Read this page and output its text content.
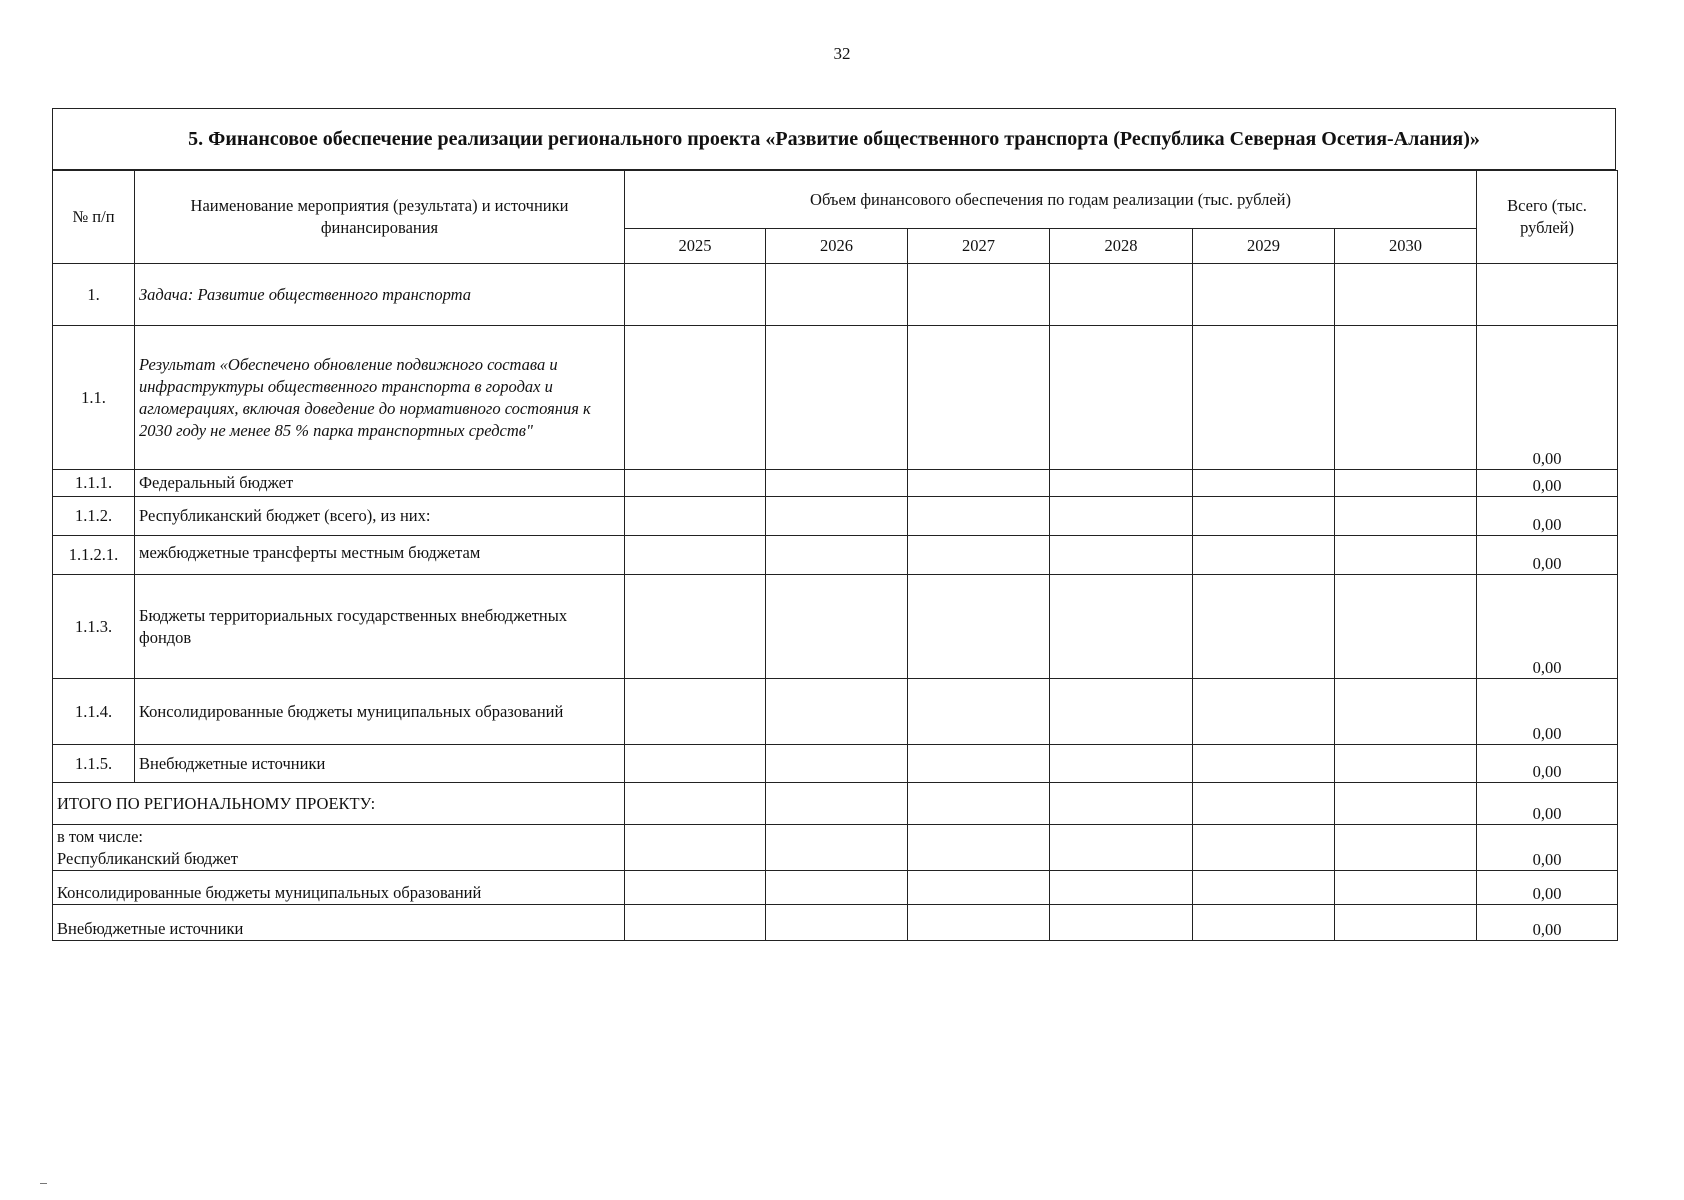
32
5. Финансовое обеспечение реализации регионального проекта «Развитие общественного транспорта (Республика Северная Осетия-Алания)»
№ п/п	Наименование мероприятия (результата) и источники финансирования	Объем финансового обеспечения по годам реализации (тыс. рублей)						Всего (тыс. рублей)
		2025	2026	2027	2028	2029	2030	
1.	Задача: Развитие общественного транспорта							
1.1.	Результат «Обеспечено обновление подвижного состава и инфраструктуры общественного транспорта в городах и агломерациях, включая доведение до нормативного состояния к 2030 году не менее 85 % парка транспортных средств"							0,00
1.1.1.	Федеральный бюджет							0,00
1.1.2.	Республиканский бюджет (всего), из них:							0,00
1.1.2.1.	межбюджетные трансферты местным бюджетам							0,00
1.1.3.	Бюджеты территориальных государственных внебюджетных фондов							0,00
1.1.4.	Консолидированные бюджеты муниципальных образований							0,00
1.1.5.	Внебюджетные источники							0,00
ИТОГО ПО РЕГИОНАЛЬНОМУ ПРОЕКТУ:								0,00

в том числе:
Республиканский бюджет								0,00
Консолидированные бюджеты муниципальных образований								0,00
Внебюджетные источники								0,00
